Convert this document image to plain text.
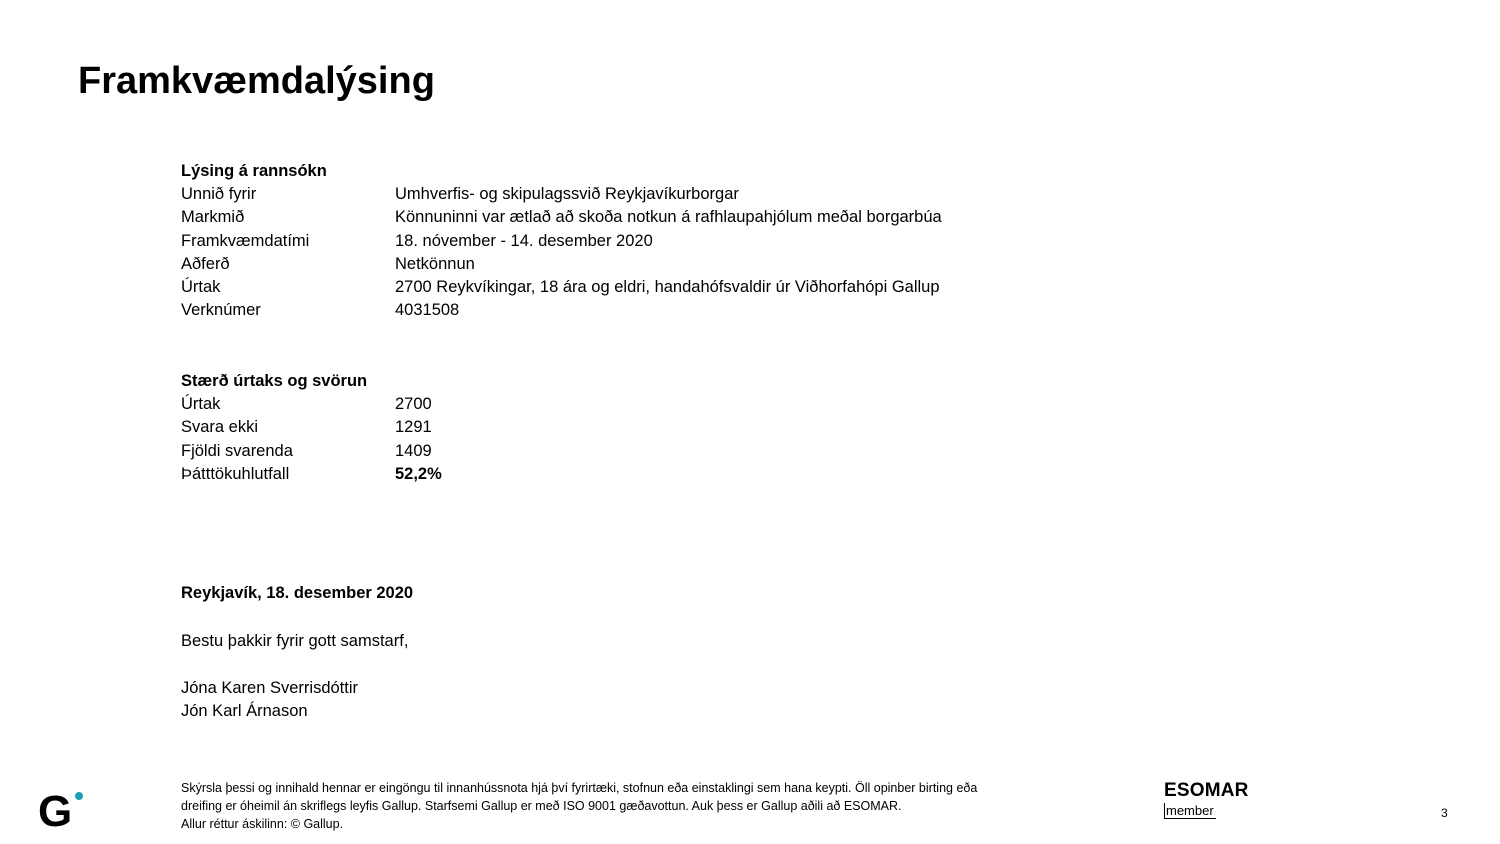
Framkvæmdalýsing
Lýsing á rannsókn
Unnið fyrir	Umhverfis- og skipulagssvið Reykjavíkurborgar
Markmið	Könnuninni var ætlað að skoða notkun á rafhlaupahjólum meðal borgarbúa
Framkvæmdatími	18. nóvember - 14. desember 2020
Aðferð	Netkönnun
Úrtak	2700 Reykvíkingar, 18 ára og eldri, handahófsvaldir úr Viðhorfahópi Gallup
Verknúmer	4031508
Stærð úrtaks og svörun
Úrtak	2700
Svara ekki	1291
Fjöldi svarenda	1409
Þátttökuhlutfall	52,2%
Reykjavík, 18. desember 2020
Bestu þakkir fyrir gott samstarf,
Jóna Karen Sverrisdóttir
Jón Karl Árnason
G	Skýrsla þessi og innihald hennar er eingöngu til innanhússnota hjá því fyrirtæki, stofnun eða einstaklingi sem hana keypti. Öll opinber birting eða
dreifing er óheimil án skriflegs leyfis Gallup. Starfsemi Gallup er með ISO 9001 gæðavottun. Auk þess er Gallup aðili að ESOMAR.
Allur réttur áskilinn: © Gallup.
ESOMAR
member	3
